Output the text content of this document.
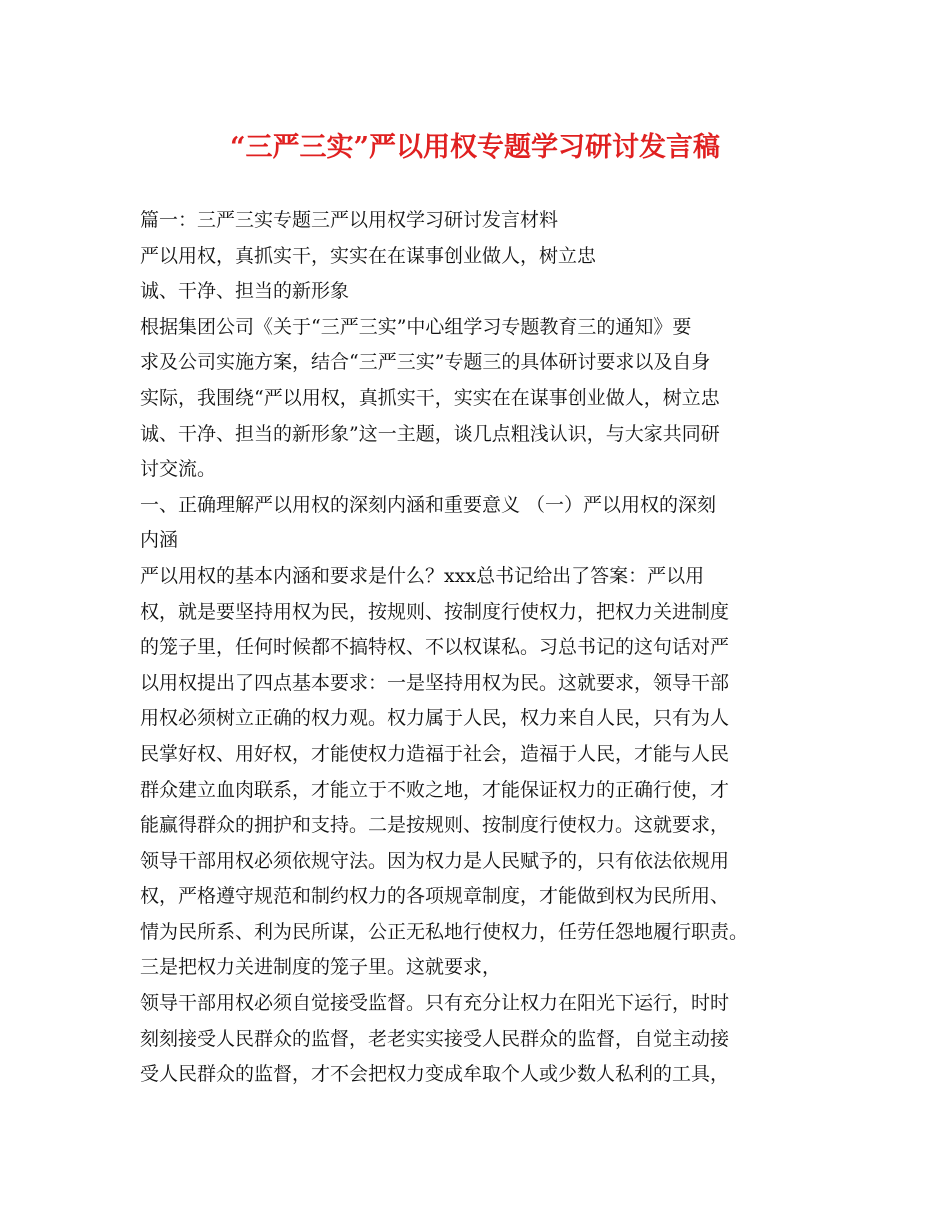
“三严三实”严以用权专题学习研讨发言稿
篇一：三严三实专题三严以用权学习研讨发言材料
严以用权，真抓实干，实实在在谋事创业做人，树立忠
诚、干净、担当的新形象
根据集团公司《关于“三严三实”中心组学习专题教育三的通知》要
求及公司实施方案，结合“三严三实”专题三的具体研讨要求以及自身
实际，我围绕“严以用权，真抓实干，实实在在谋事创业做人，树立忠
诚、干净、担当的新形象”这一主题，谈几点粗浅认识，与大家共同研
讨交流。
一、正确理解严以用权的深刻内涵和重要意义 （一）严以用权的深刻
内涵
严以用权的基本内涵和要求是什么？xxx总书记给出了答案：严以用
权，就是要坚持用权为民，按规则、按制度行使权力，把权力关进制度
的笼子里，任何时候都不搞特权、不以权谋私。习总书记的这句话对严
以用权提出了四点基本要求：一是坚持用权为民。这就要求，领导干部
用权必须树立正确的权力观。权力属于人民，权力来自人民，只有为人
民掌好权、用好权，才能使权力造福于社会，造福于人民，才能与人民
群众建立血肉联系，才能立于不败之地，才能保证权力的正确行使，才
能赢得群众的拥护和支持。二是按规则、按制度行使权力。这就要求，
领导干部用权必须依规守法。因为权力是人民赋予的，只有依法依规用
权，严格遵守规范和制约权力的各项规章制度，才能做到权为民所用、
情为民所系、利为民所谋，公正无私地行使权力，任劳任怨地履行职责。
三是把权力关进制度的笼子里。这就要求，
领导干部用权必须自觉接受监督。只有充分让权力在阳光下运行，时时
刻刻接受人民群众的监督，老老实实接受人民群众的监督，自觉主动接
受人民群众的监督，才不会把权力变成牟取个人或少数人私利的工具，
